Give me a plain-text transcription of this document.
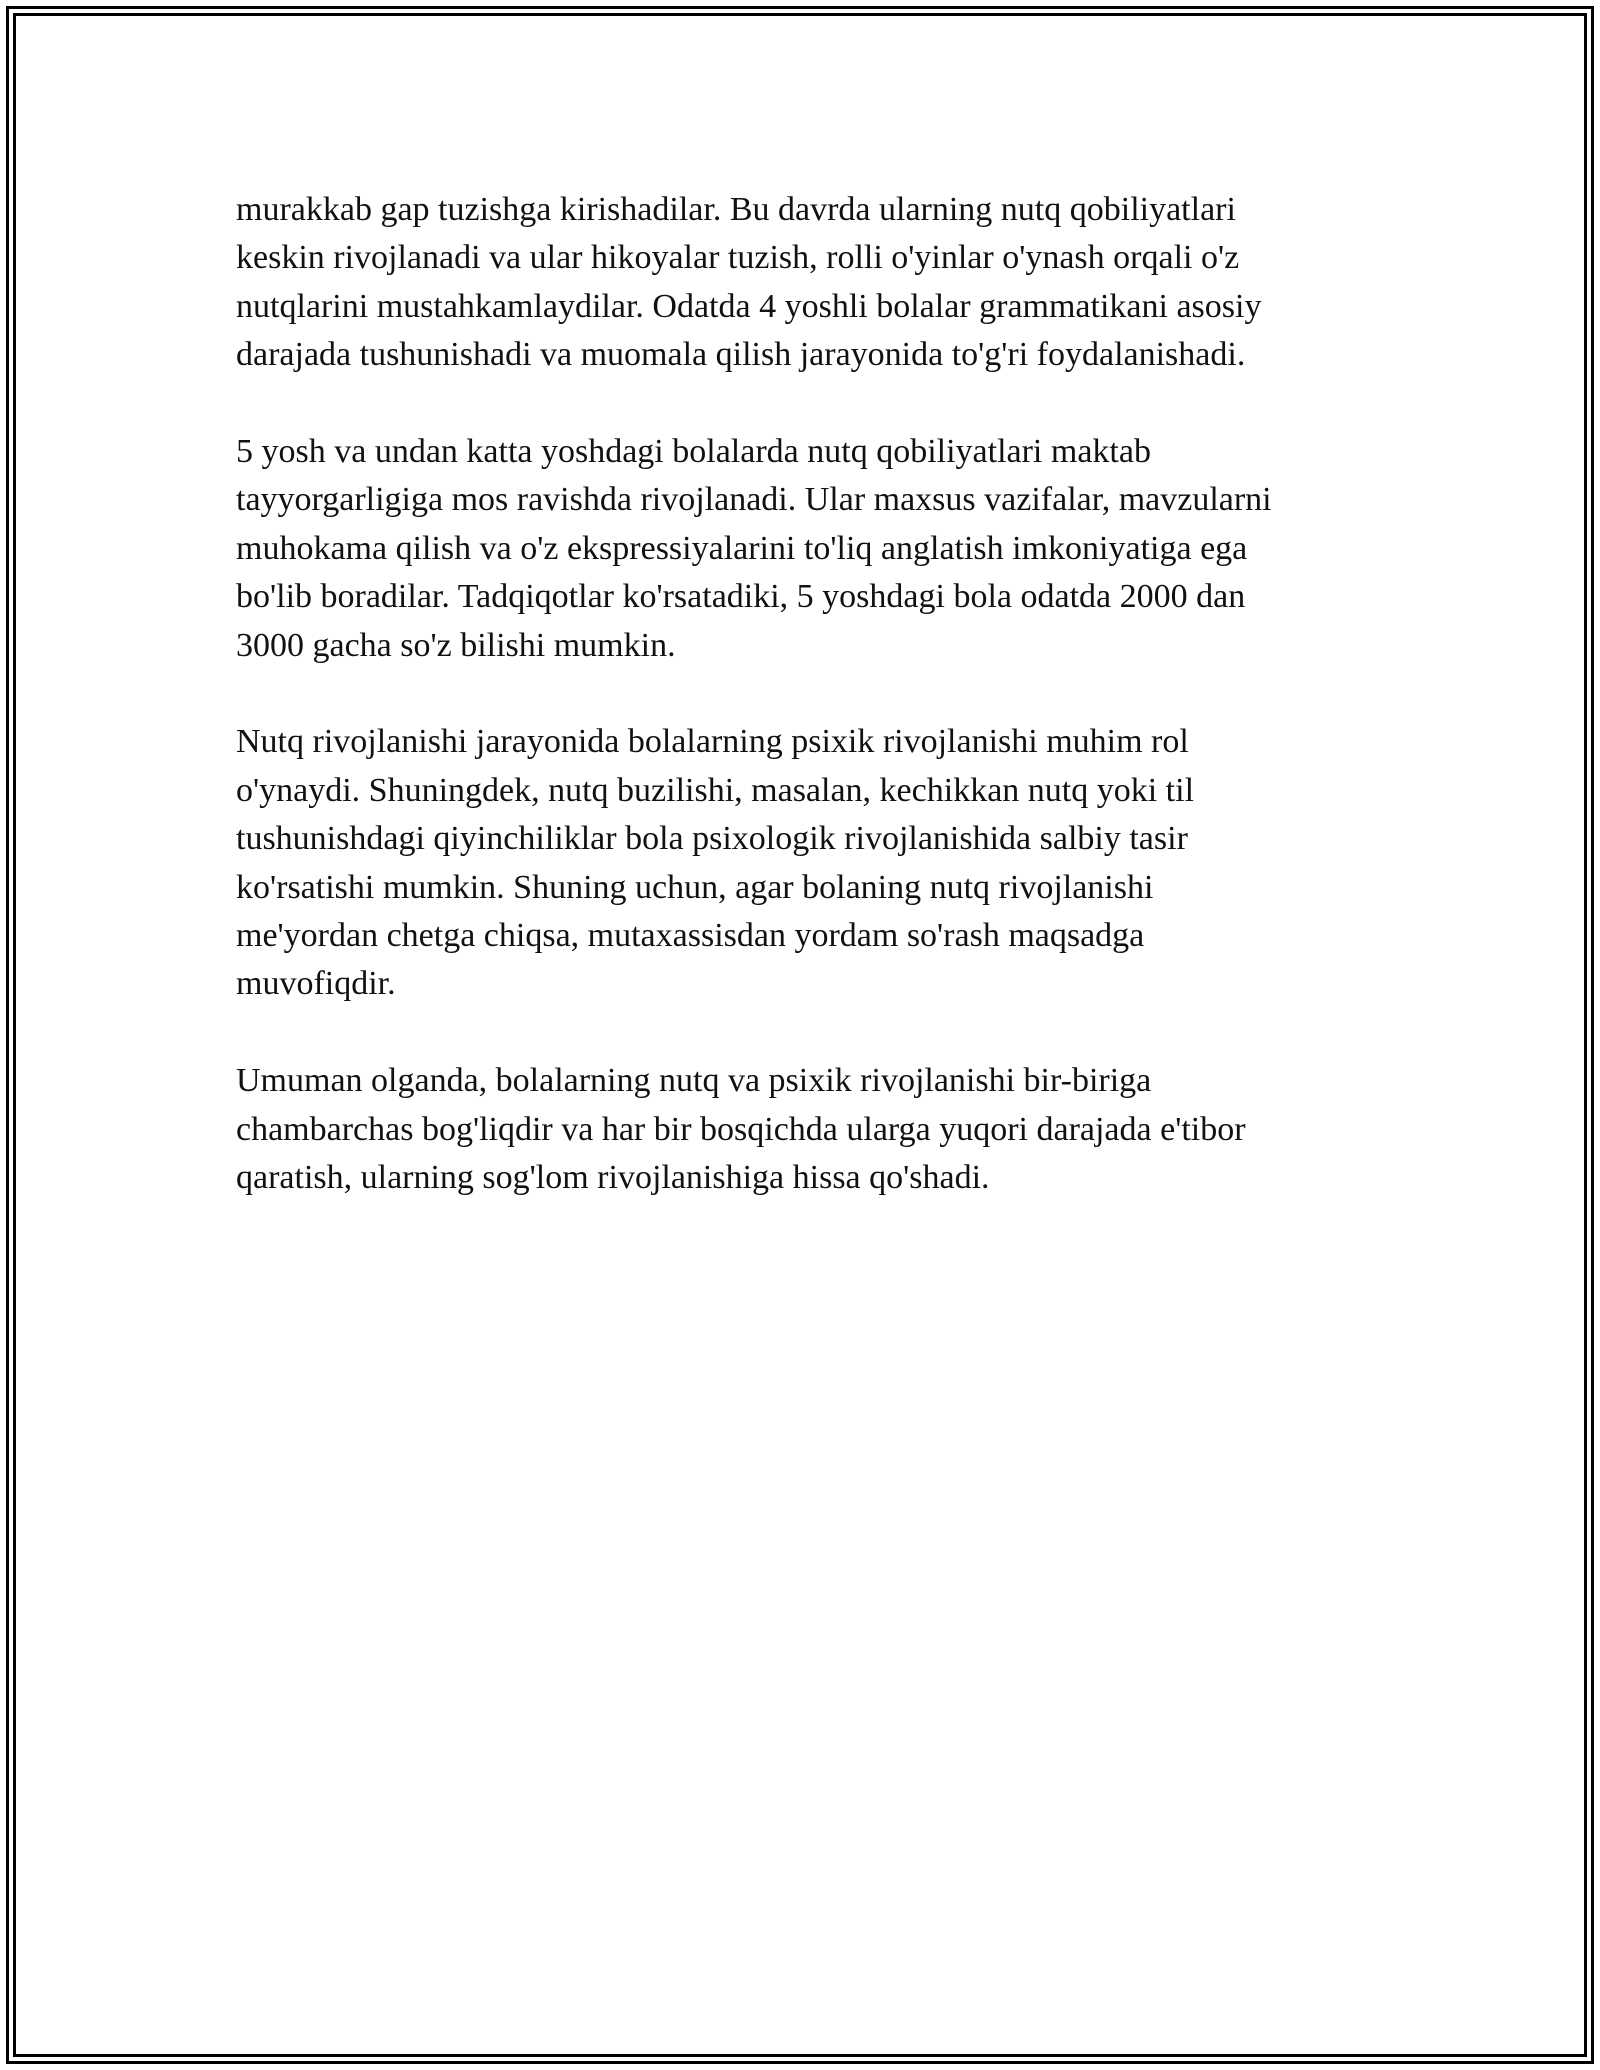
murakkab gap tuzishga kirishadilar. Bu davrda ularning nutq qobiliyatlari
keskin rivojlanadi va ular hikoyalar tuzish, rolli o'yinlar o'ynash orqali o'z
nutqlarini mustahkamlaydilar. Odatda 4 yoshli bolalar grammatikani asosiy
darajada tushunishadi va muomala qilish jarayonida to'g'ri foydalanishadi.

5 yosh va undan katta yoshdagi bolalarda nutq qobiliyatlari maktab
tayyorgarligiga mos ravishda rivojlanadi. Ular maxsus vazifalar, mavzularni
muhokama qilish va o'z ekspressiyalarini to'liq anglatish imkoniyatiga ega
bo'lib boradilar. Tadqiqotlar ko'rsatadiki, 5 yoshdagi bola odatda 2000 dan
3000 gacha so'z bilishi mumkin.

Nutq rivojlanishi jarayonida bolalarning psixik rivojlanishi muhim rol
o'ynaydi. Shuningdek, nutq buzilishi, masalan, kechikkan nutq yoki til
tushunishdagi qiyinchiliklar bola psixologik rivojlanishida salbiy tasir
ko'rsatishi mumkin. Shuning uchun, agar bolaning nutq rivojlanishi
me'yordan chetga chiqsa, mutaxassisdan yordam so'rash maqsadga
muvofiqdir.

Umuman olganda, bolalarning nutq va psixik rivojlanishi bir-biriga
chambarchas bog'liqdir va har bir bosqichda ularga yuqori darajada e'tibor
qaratish, ularning sog'lom rivojlanishiga hissa qo'shadi.
